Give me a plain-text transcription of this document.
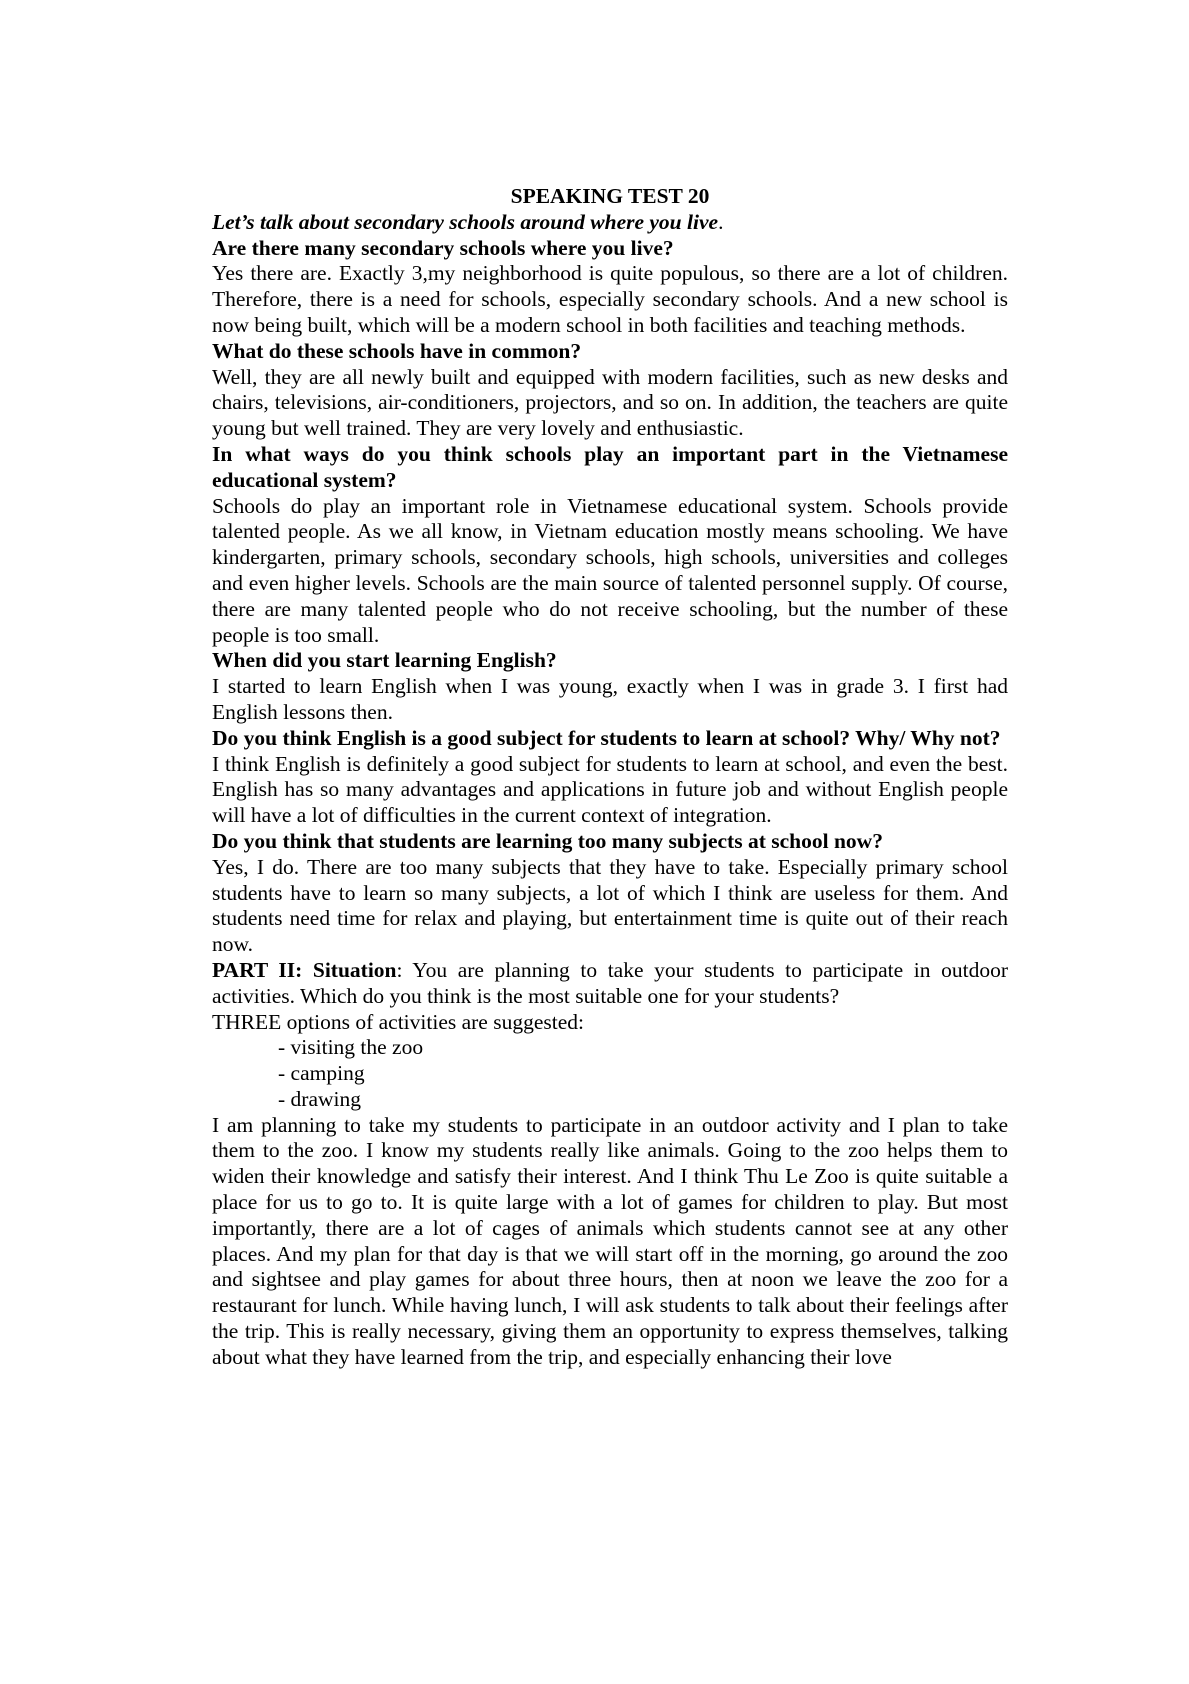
SPEAKING TEST 20
Let’s talk about secondary schools around where you live.
Are there many secondary schools where you live?
Yes there are. Exactly 3,my neighborhood is quite populous, so there are a lot of children. Therefore, there is a need for schools, especially secondary schools. And a new school is now being built, which will be a modern school in both facilities and teaching methods.
What do these schools have in common?
Well, they are all newly built and equipped with modern facilities, such as new desks and chairs, televisions, air-conditioners, projectors, and so on. In addition, the teachers are quite young but well trained. They are very lovely and enthusiastic.
In what ways do you think schools play an important part in the Vietnamese educational system?
Schools do play an important role in Vietnamese educational system. Schools provide talented people. As we all know, in Vietnam education mostly means schooling. We have kindergarten, primary schools, secondary schools, high schools, universities and colleges and even higher levels. Schools are the main source of talented personnel supply. Of course, there are many talented people who do not receive schooling, but the number of these people is too small.
When did you start learning English?
I started to learn English when I was young, exactly when I was in grade 3. I first had English lessons then.
Do you think English is a good subject for students to learn at school? Why/ Why not?
I think English is definitely a good subject for students to learn at school, and even the best. English has so many advantages and applications in future job and without English people will have a lot of difficulties in the current context of integration.
Do you think that students are learning too many subjects at school now?
Yes, I do. There are too many subjects that they have to take. Especially primary school students have to learn so many subjects, a lot of which I think are useless for them. And students need time for relax and playing, but entertainment time is quite out of their reach now.
PART II: Situation: You are planning to take your students to participate in outdoor activities. Which do you think is the most suitable one for your students?
THREE options of activities are suggested:
- visiting the zoo
- camping
- drawing
I am planning to take my students to participate in an outdoor activity and I plan to take them to the zoo. I know my students really like animals. Going to the zoo helps them to widen their knowledge and satisfy their interest. And I think Thu Le Zoo is quite suitable a place for us to go to. It is quite large with a lot of games for children to play. But most importantly, there are a lot of cages of animals which students cannot see at any other places. And my plan for that day is that we will start off in the morning, go around the zoo and sightsee and play games for about three hours, then at noon we leave the zoo for a restaurant for lunch. While having lunch, I will ask students to talk about their feelings after the trip. This is really necessary, giving them an opportunity to express themselves, talking about what they have learned from the trip, and especially enhancing their love
